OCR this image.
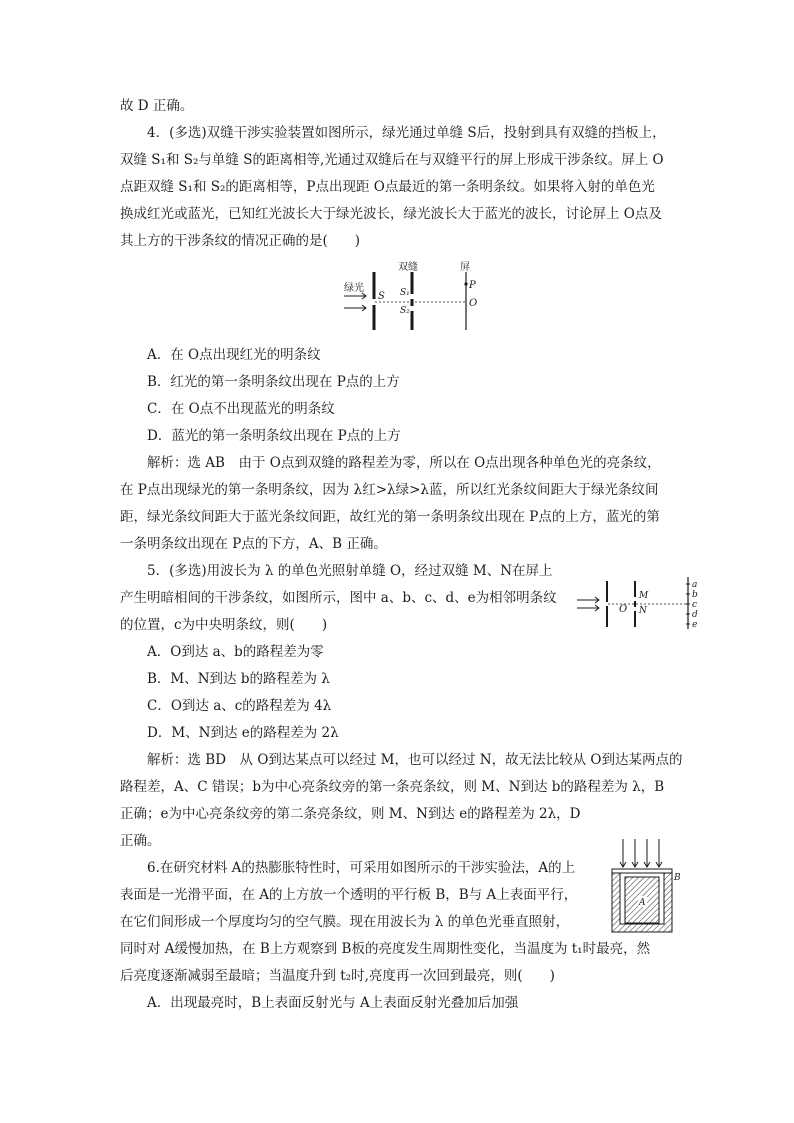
故 D 正确。
4．(多选)双缝干涉实验装置如图所示，绿光通过单缝 S后，投射到具有双缝的挡板上，
双缝 S₁和 S₂与单缝 S的距离相等,光通过双缝后在与双缝平行的屏上形成干涉条纹。屏上 O
点距双缝 S₁和 S₂的距离相等，P点出现距 O点最近的第一条明条纹。如果将入射的单色光
换成红光或蓝光，已知红光波长大于绿光波长，绿光波长大于蓝光的波长，讨论屏上 O点及
其上方的干涉条纹的情况正确的是(　　)
绿光
S
双缝
S₁
S₂
屏
P
O
A．在 O点出现红光的明条纹
B．红光的第一条明条纹出现在 P点的上方
C．在 O点不出现蓝光的明条纹
D．蓝光的第一条明条纹出现在 P点的上方
解析：选 AB　由于 O点到双缝的路程差为零，所以在 O点出现各种单色光的亮条纹，
在 P点出现绿光的第一条明条纹，因为 λ红>λ绿>λ蓝，所以红光条纹间距大于绿光条纹间
距，绿光条纹间距大于蓝光条纹间距，故红光的第一条明条纹出现在 P点的上方，蓝光的第
一条明条纹出现在 P点的下方，A、B 正确。
5．(多选)用波长为 λ 的单色光照射单缝 O，经过双缝 M、N在屏上
产生明暗相间的干涉条纹，如图所示，图中 a、b、c、d、e为相邻明条纹
的位置，c为中央明条纹，则(　　)
O
M
N
a
b
c
d
e
A．O到达 a、b的路程差为零
B．M、N到达 b的路程差为 λ
C．O到达 a、c的路程差为 4λ
D．M、N到达 e的路程差为 2λ
解析：选 BD　从 O到达某点可以经过 M，也可以经过 N，故无法比较从 O到达某两点的
路程差，A、C 错误；b为中心亮条纹旁的第一条亮条纹，则 M、N到达 b的路程差为 λ，B
正确；e为中心亮条纹旁的第二条亮条纹，则 M、N到达 e的路程差为 2λ，D
正确。
6.在研究材料 A的热膨胀特性时，可采用如图所示的干涉实验法，A的上
表面是一光滑平面，在 A的上方放一个透明的平行板 B，B与 A上表面平行，
在它们间形成一个厚度均匀的空气膜。现在用波长为 λ 的单色光垂直照射，
同时对 A缓慢加热，在 B上方观察到 B板的亮度发生周期性变化，当温度为 t₁时最亮，然
后亮度逐渐减弱至最暗；当温度升到 t₂时,亮度再一次回到最亮，则(　　)
A．出现最亮时，B上表面反射光与 A上表面反射光叠加后加强
B
A
